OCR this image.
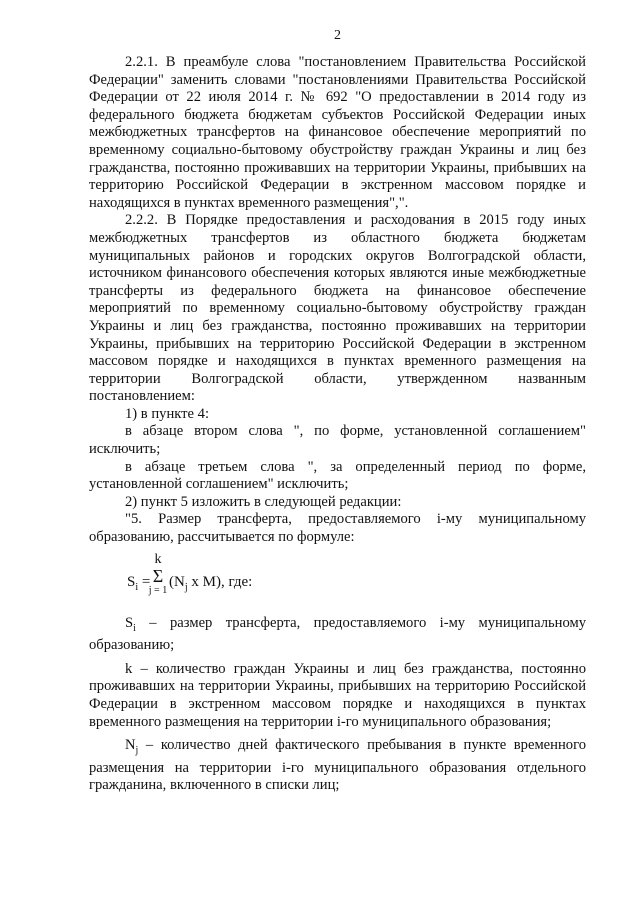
2

2.2.1. В преамбуле слова "постановлением Правительства Российской Федерации" заменить словами "постановлениями Правительства Российской Федерации от 22 июля 2014 г. № 692 "О предоставлении в 2014 году из федерального бюджета бюджетам субъектов Российской Федерации иных межбюджетных трансфертов на финансовое обеспечение мероприятий по временному социально-бытовому обустройству граждан Украины и лиц без гражданства, постоянно проживавших на территории Украины, прибывших на территорию Российской Федерации в экстренном массовом порядке и находящихся в пунктах временного размещения",".

2.2.2. В Порядке предоставления и расходования в 2015 году иных межбюджетных трансфертов из областного бюджета бюджетам муниципальных районов и городских округов Волгоградской области, источником финансового обеспечения которых являются иные межбюджетные трансферты из федерального бюджета на финансовое обеспечение мероприятий по временному социально-бытовому обустройству граждан Украины и лиц без гражданства, постоянно проживавших на территории Украины, прибывших на территорию Российской Федерации в экстренном массовом порядке и находящихся в пунктах временного размещения на территории Волгоградской области, утвержденном названным постановлением:

1) в пункте 4:

в абзаце втором слова ", по форме, установленной соглашением" исключить;

в абзаце третьем слова ", за определенный период по форме, установленной соглашением" исключить;

2) пункт 5 изложить в следующей редакции:

"5. Размер трансферта, предоставляемого i-му муниципальному образованию, рассчитывается по формуле:

$S_i$ =
k
Σ
j = 1
($N_j$ x M), где:

$S_i$ – размер трансферта, предоставляемого i-му муниципальному образованию;

k – количество граждан Украины и лиц без гражданства, постоянно проживавших на территории Украины, прибывших на территорию Российской Федерации в экстренном массовом порядке и находящихся в пунктах временного размещения на территории i-го муниципального образования;

$N_j$ – количество дней фактического пребывания в пункте временного размещения на территории i-го муниципального образования отдельного гражданина, включенного в списки лиц;
